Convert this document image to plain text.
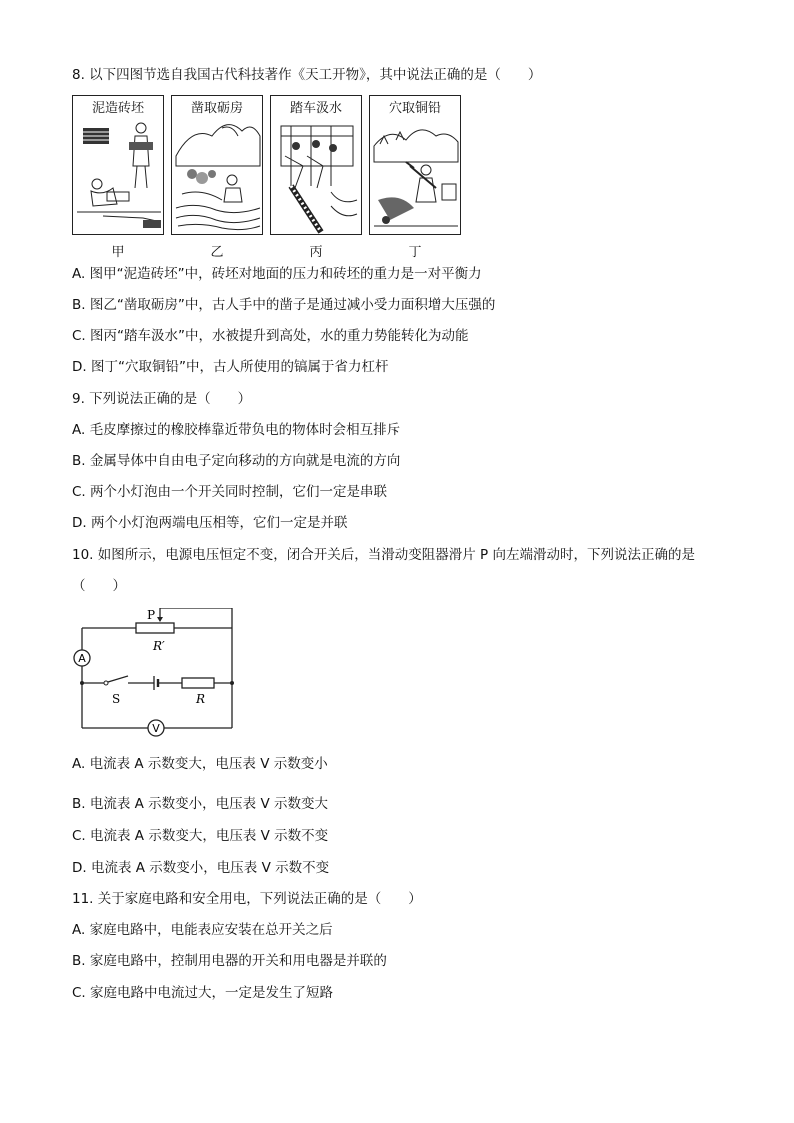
8. 以下四图节选自我国古代科技著作《天工开物》，其中说法正确的是（　　）
泥造砖坯	凿取砺房	踏车汲水	穴取铜铅
甲	乙	丙	丁
A. 图甲“泥造砖坯”中，砖坯对地面的压力和砖坯的重力是一对平衡力
B. 图乙“凿取砺房”中，古人手中的凿子是通过减小受力面积增大压强的
C. 图丙“踏车汲水”中，水被提升到高处，水的重力势能转化为动能
D. 图丁“穴取铜铅”中，古人所使用的镐属于省力杠杆
9. 下列说法正确的是（　　）
A. 毛皮摩擦过的橡胶棒靠近带负电的物体时会相互排斥
B. 金属导体中自由电子定向移动的方向就是电流的方向
C. 两个小灯泡由一个开关同时控制，它们一定是串联
D. 两个小灯泡两端电压相等，它们一定是并联
10. 如图所示，电源电压恒定不变，闭合开关后，当滑动变阻器滑片 P 向左端滑动时，下列说法正确的是
（　　）
P
R′
A
S	R
V
A. 电流表 A 示数变大，电压表 V 示数变小
B. 电流表 A 示数变小，电压表 V 示数变大
C. 电流表 A 示数变大，电压表 V 示数不变
D. 电流表 A 示数变小，电压表 V 示数不变
11. 关于家庭电路和安全用电，下列说法正确的是（　　）
A. 家庭电路中，电能表应安装在总开关之后
B. 家庭电路中，控制用电器的开关和用电器是并联的
C. 家庭电路中电流过大，一定是发生了短路
